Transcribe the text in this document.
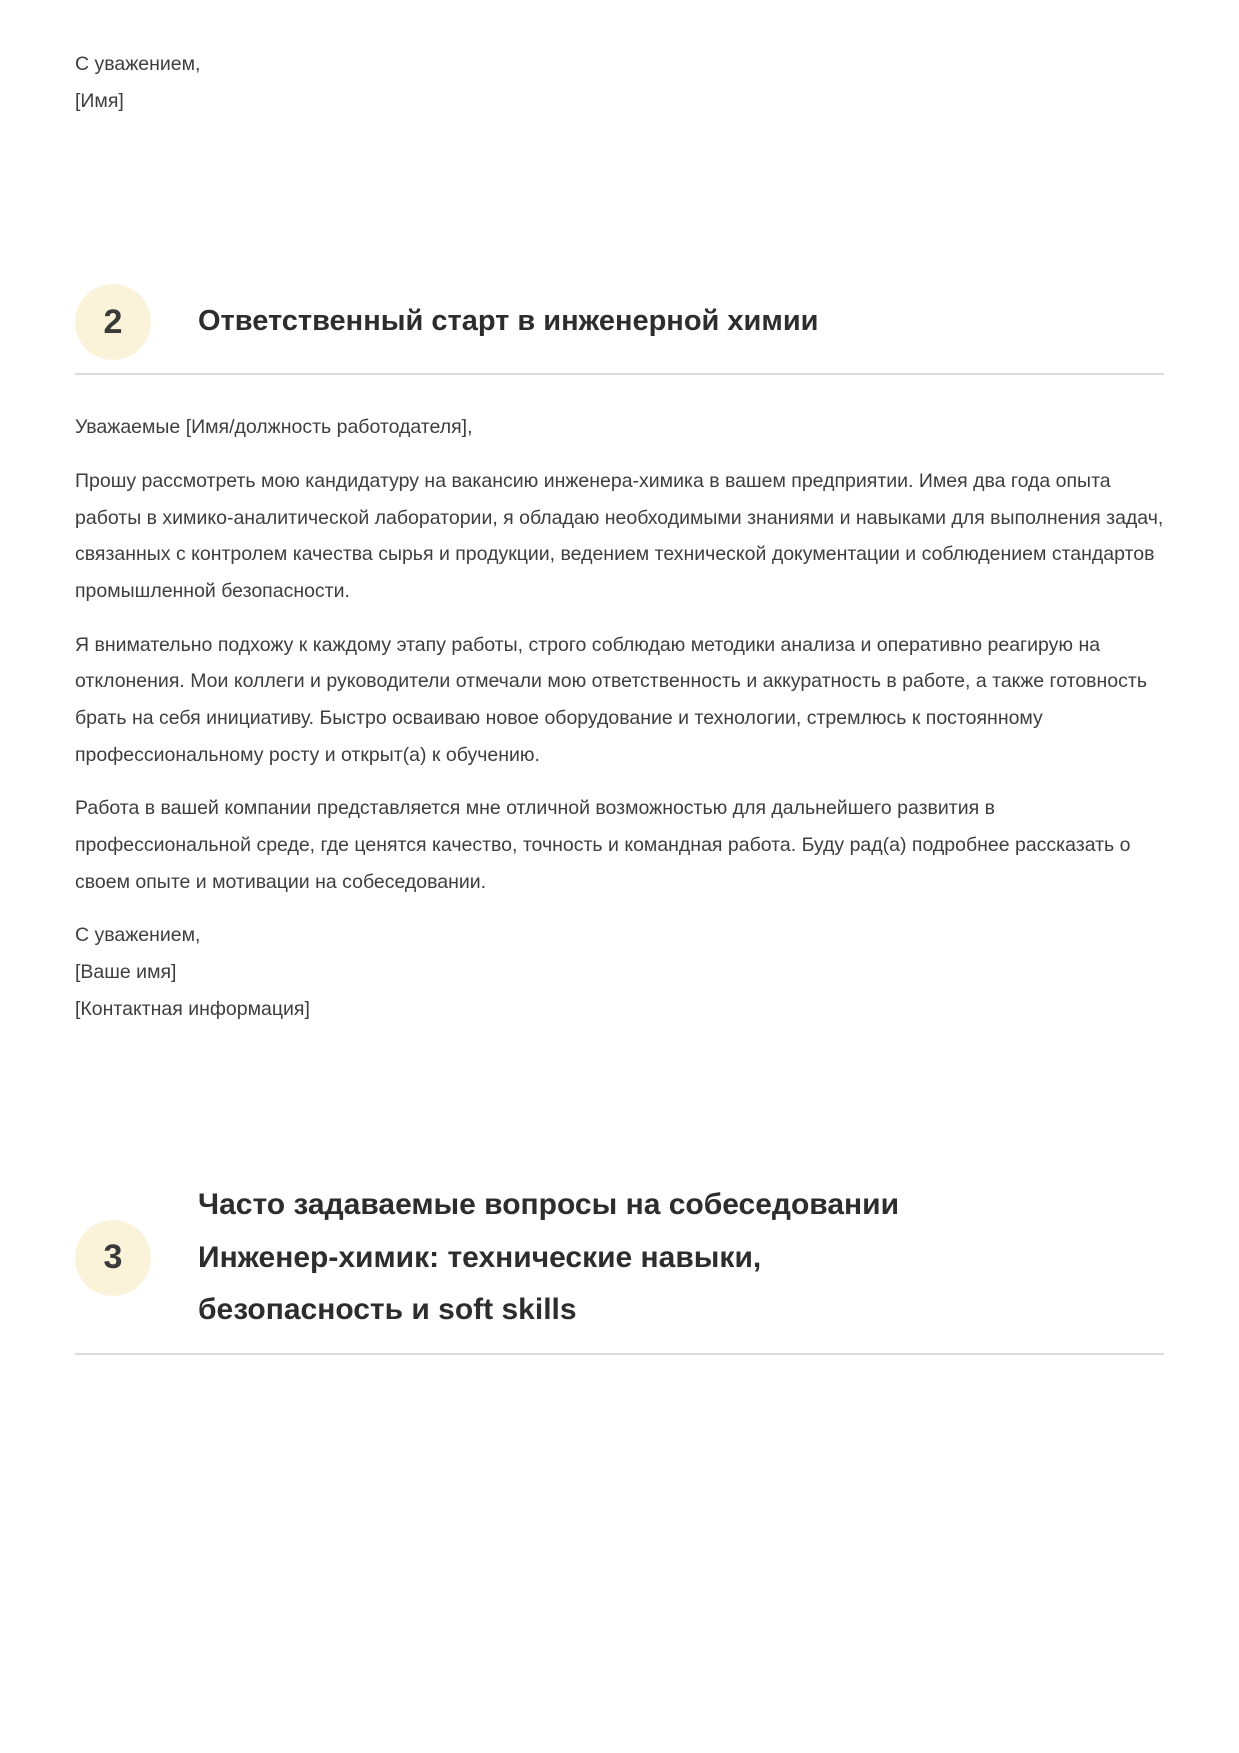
С уважением,
[Имя]
2	Ответственный старт в инженерной химии

Уважаемые [Имя/должность работодателя],

Прошу рассмотреть мою кандидатуру на вакансию инженера-химика в вашем предприятии. Имея два года опыта работы в химико-аналитической лаборатории, я обладаю необходимыми знаниями и навыками для выполнения задач, связанных с контролем качества сырья и продукции, ведением технической документации и соблюдением стандартов промышленной безопасности.

Я внимательно подхожу к каждому этапу работы, строго соблюдаю методики анализа и оперативно реагирую на отклонения. Мои коллеги и руководители отмечали мою ответственность и аккуратность в работе, а также готовность брать на себя инициативу. Быстро осваиваю новое оборудование и технологии, стремлюсь к постоянному профессиональному росту и открыт(а) к обучению.

Работа в вашей компании представляется мне отличной возможностью для дальнейшего развития в профессиональной среде, где ценятся качество, точность и командная работа. Буду рад(а) подробнее рассказать о своем опыте и мотивации на собеседовании.

С уважением,
[Ваше имя]
[Контактная информация]
3
Часто задаваемые вопросы на собеседовании
Инженер-химик: технические навыки,
безопасность и soft skills
